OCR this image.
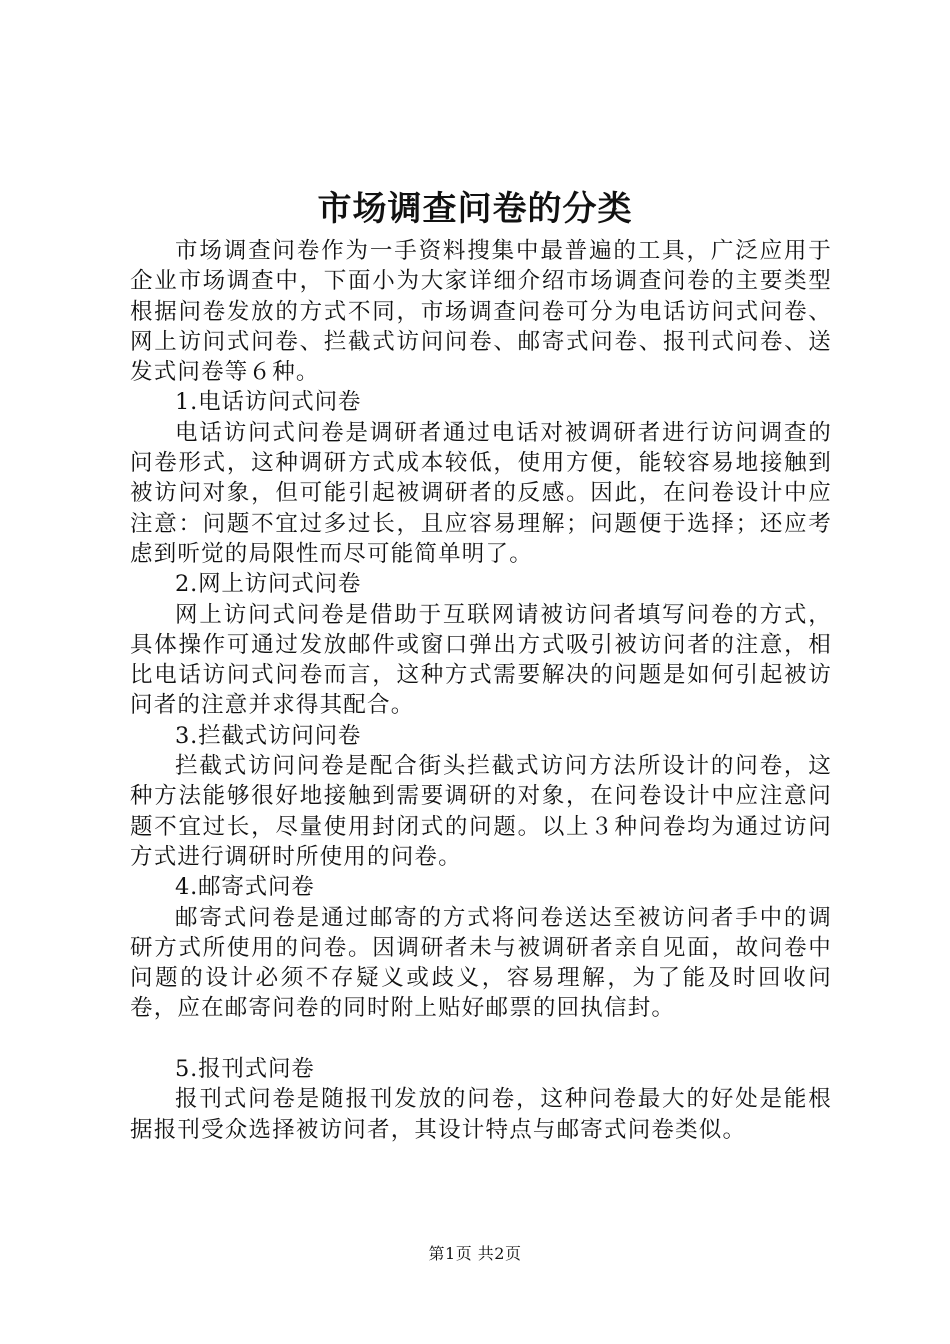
市场调查问卷的分类

市场调查问卷作为一手资料搜集中最普遍的工具，广泛应用于企业市场调查中，下面小为大家详细介绍市场调查问卷的主要类型根据问卷发放的方式不同，市场调查问卷可分为电话访问式问卷、网上访问式问卷、拦截式访问问卷、邮寄式问卷、报刊式问卷、送发式问卷等６种。

1.电话访问式问卷

电话访问式问卷是调研者通过电话对被调研者进行访问调查的问卷形式，这种调研方式成本较低，使用方便，能较容易地接触到被访问对象，但可能引起被调研者的反感。因此，在问卷设计中应注意：问题不宜过多过长，且应容易理解；问题便于选择；还应考虑到听觉的局限性而尽可能简单明了。

2.网上访问式问卷

网上访问式问卷是借助于互联网请被访问者填写问卷的方式，具体操作可通过发放邮件或窗口弹出方式吸引被访问者的注意，相比电话访问式问卷而言，这种方式需要解决的问题是如何引起被访问者的注意并求得其配合。

3.拦截式访问问卷

拦截式访问问卷是配合街头拦截式访问方法所设计的问卷，这种方法能够很好地接触到需要调研的对象，在问卷设计中应注意问题不宜过长，尽量使用封闭式的问题。以上３种问卷均为通过访问方式进行调研时所使用的问卷。

4.邮寄式问卷

邮寄式问卷是通过邮寄的方式将问卷送达至被访问者手中的调研方式所使用的问卷。因调研者未与被调研者亲自见面，故问卷中问题的设计必须不存疑义或歧义，容易理解，为了能及时回收问卷，应在邮寄问卷的同时附上贴好邮票的回执信封。

5.报刊式问卷

报刊式问卷是随报刊发放的问卷，这种问卷最大的好处是能根据报刊受众选择被访问者，其设计特点与邮寄式问卷类似。

第1页 共2页
